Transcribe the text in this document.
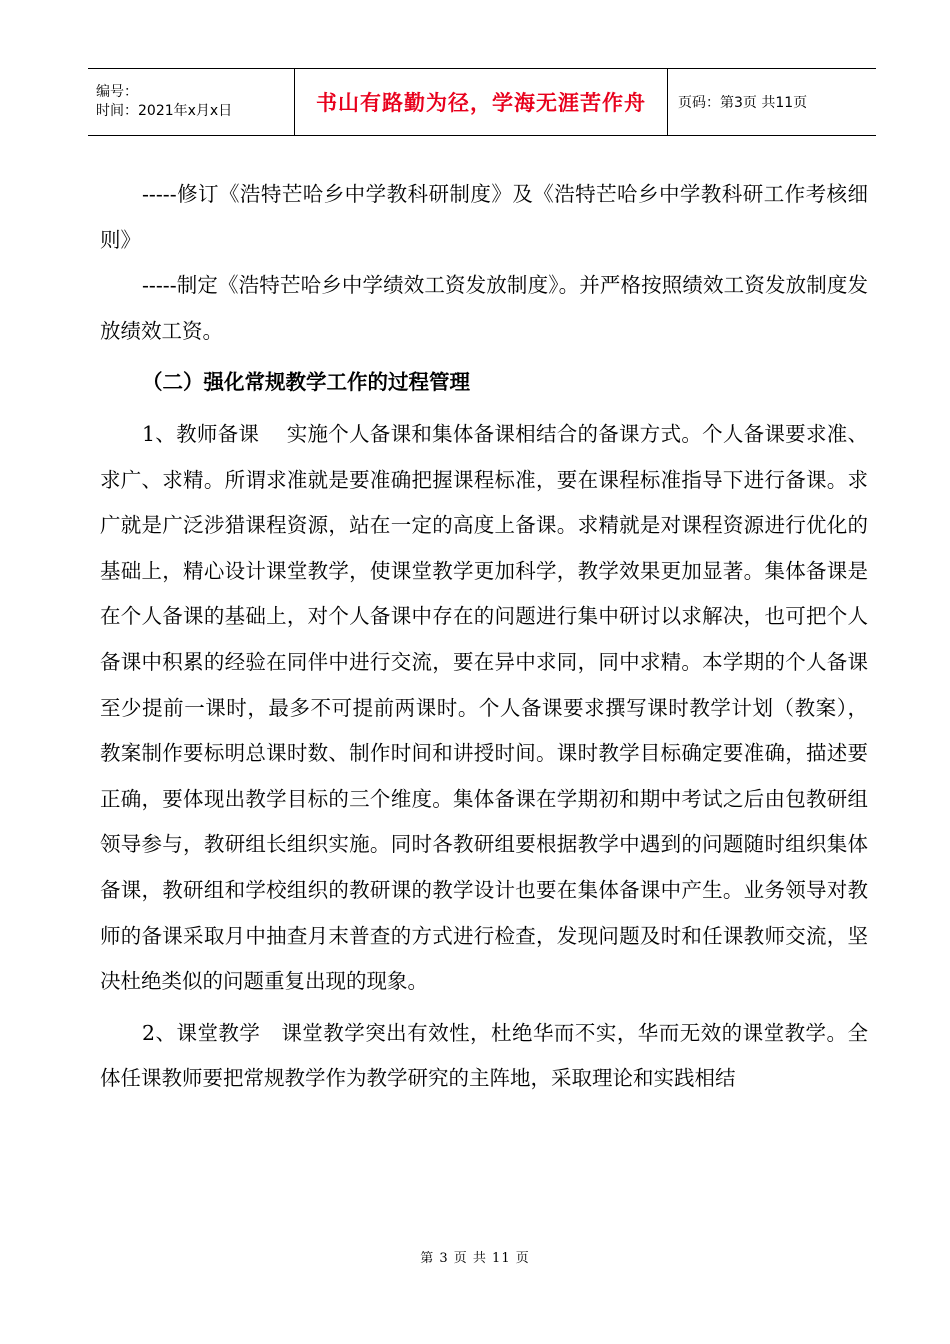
编号：
时间：2021年x月x日	书山有路勤为径，学海无涯苦作舟	页码：第3页 共11页

-----修订《浩特芒哈乡中学教科研制度》及《浩特芒哈乡中学教科研工作考核细则》

-----制定《浩特芒哈乡中学绩效工资发放制度》。并严格按照绩效工资发放制度发放绩效工资。

（二）强化常规教学工作的过程管理

1、教师备课　 实施个人备课和集体备课相结合的备课方式。个人备课要求准、求广、求精。所谓求准就是要准确把握课程标准，要在课程标准指导下进行备课。求广就是广泛涉猎课程资源，站在一定的高度上备课。求精就是对课程资源进行优化的基础上，精心设计课堂教学，使课堂教学更加科学，教学效果更加显著。集体备课是在个人备课的基础上，对个人备课中存在的问题进行集中研讨以求解决，也可把个人备课中积累的经验在同伴中进行交流，要在异中求同，同中求精。本学期的个人备课至少提前一课时，最多不可提前两课时。个人备课要求撰写课时教学计划（教案），教案制作要标明总课时数、制作时间和讲授时间。课时教学目标确定要准确，描述要正确，要体现出教学目标的三个维度。集体备课在学期初和期中考试之后由包教研组领导参与，教研组长组织实施。同时各教研组要根据教学中遇到的问题随时组织集体备课，教研组和学校组织的教研课的教学设计也要在集体备课中产生。业务领导对教师的备课采取月中抽查月末普查的方式进行检查，发现问题及时和任课教师交流，坚决杜绝类似的问题重复出现的现象。

2、课堂教学　课堂教学突出有效性，杜绝华而不实，华而无效的课堂教学。全体任课教师要把常规教学作为教学研究的主阵地，采取理论和实践相结

第 3 页 共 11 页
